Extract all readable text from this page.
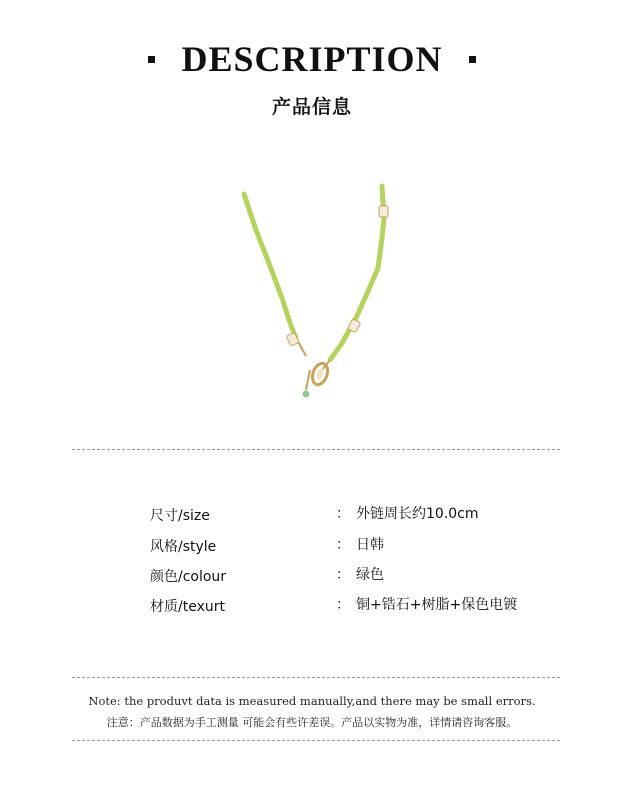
DESCRIPTION
产品信息
尺寸/size	： 外链周长约10.0cm
风格/style	： 日韩
颜色/colour	： 绿色
材质/texurt	： 铜+锆石+树脂+保色电镀
Note: the produvt data is measured manually,and there may be small errors.
注意：产品数据为手工测量 可能会有些许差误。产品以实物为准，详情请咨询客服。
